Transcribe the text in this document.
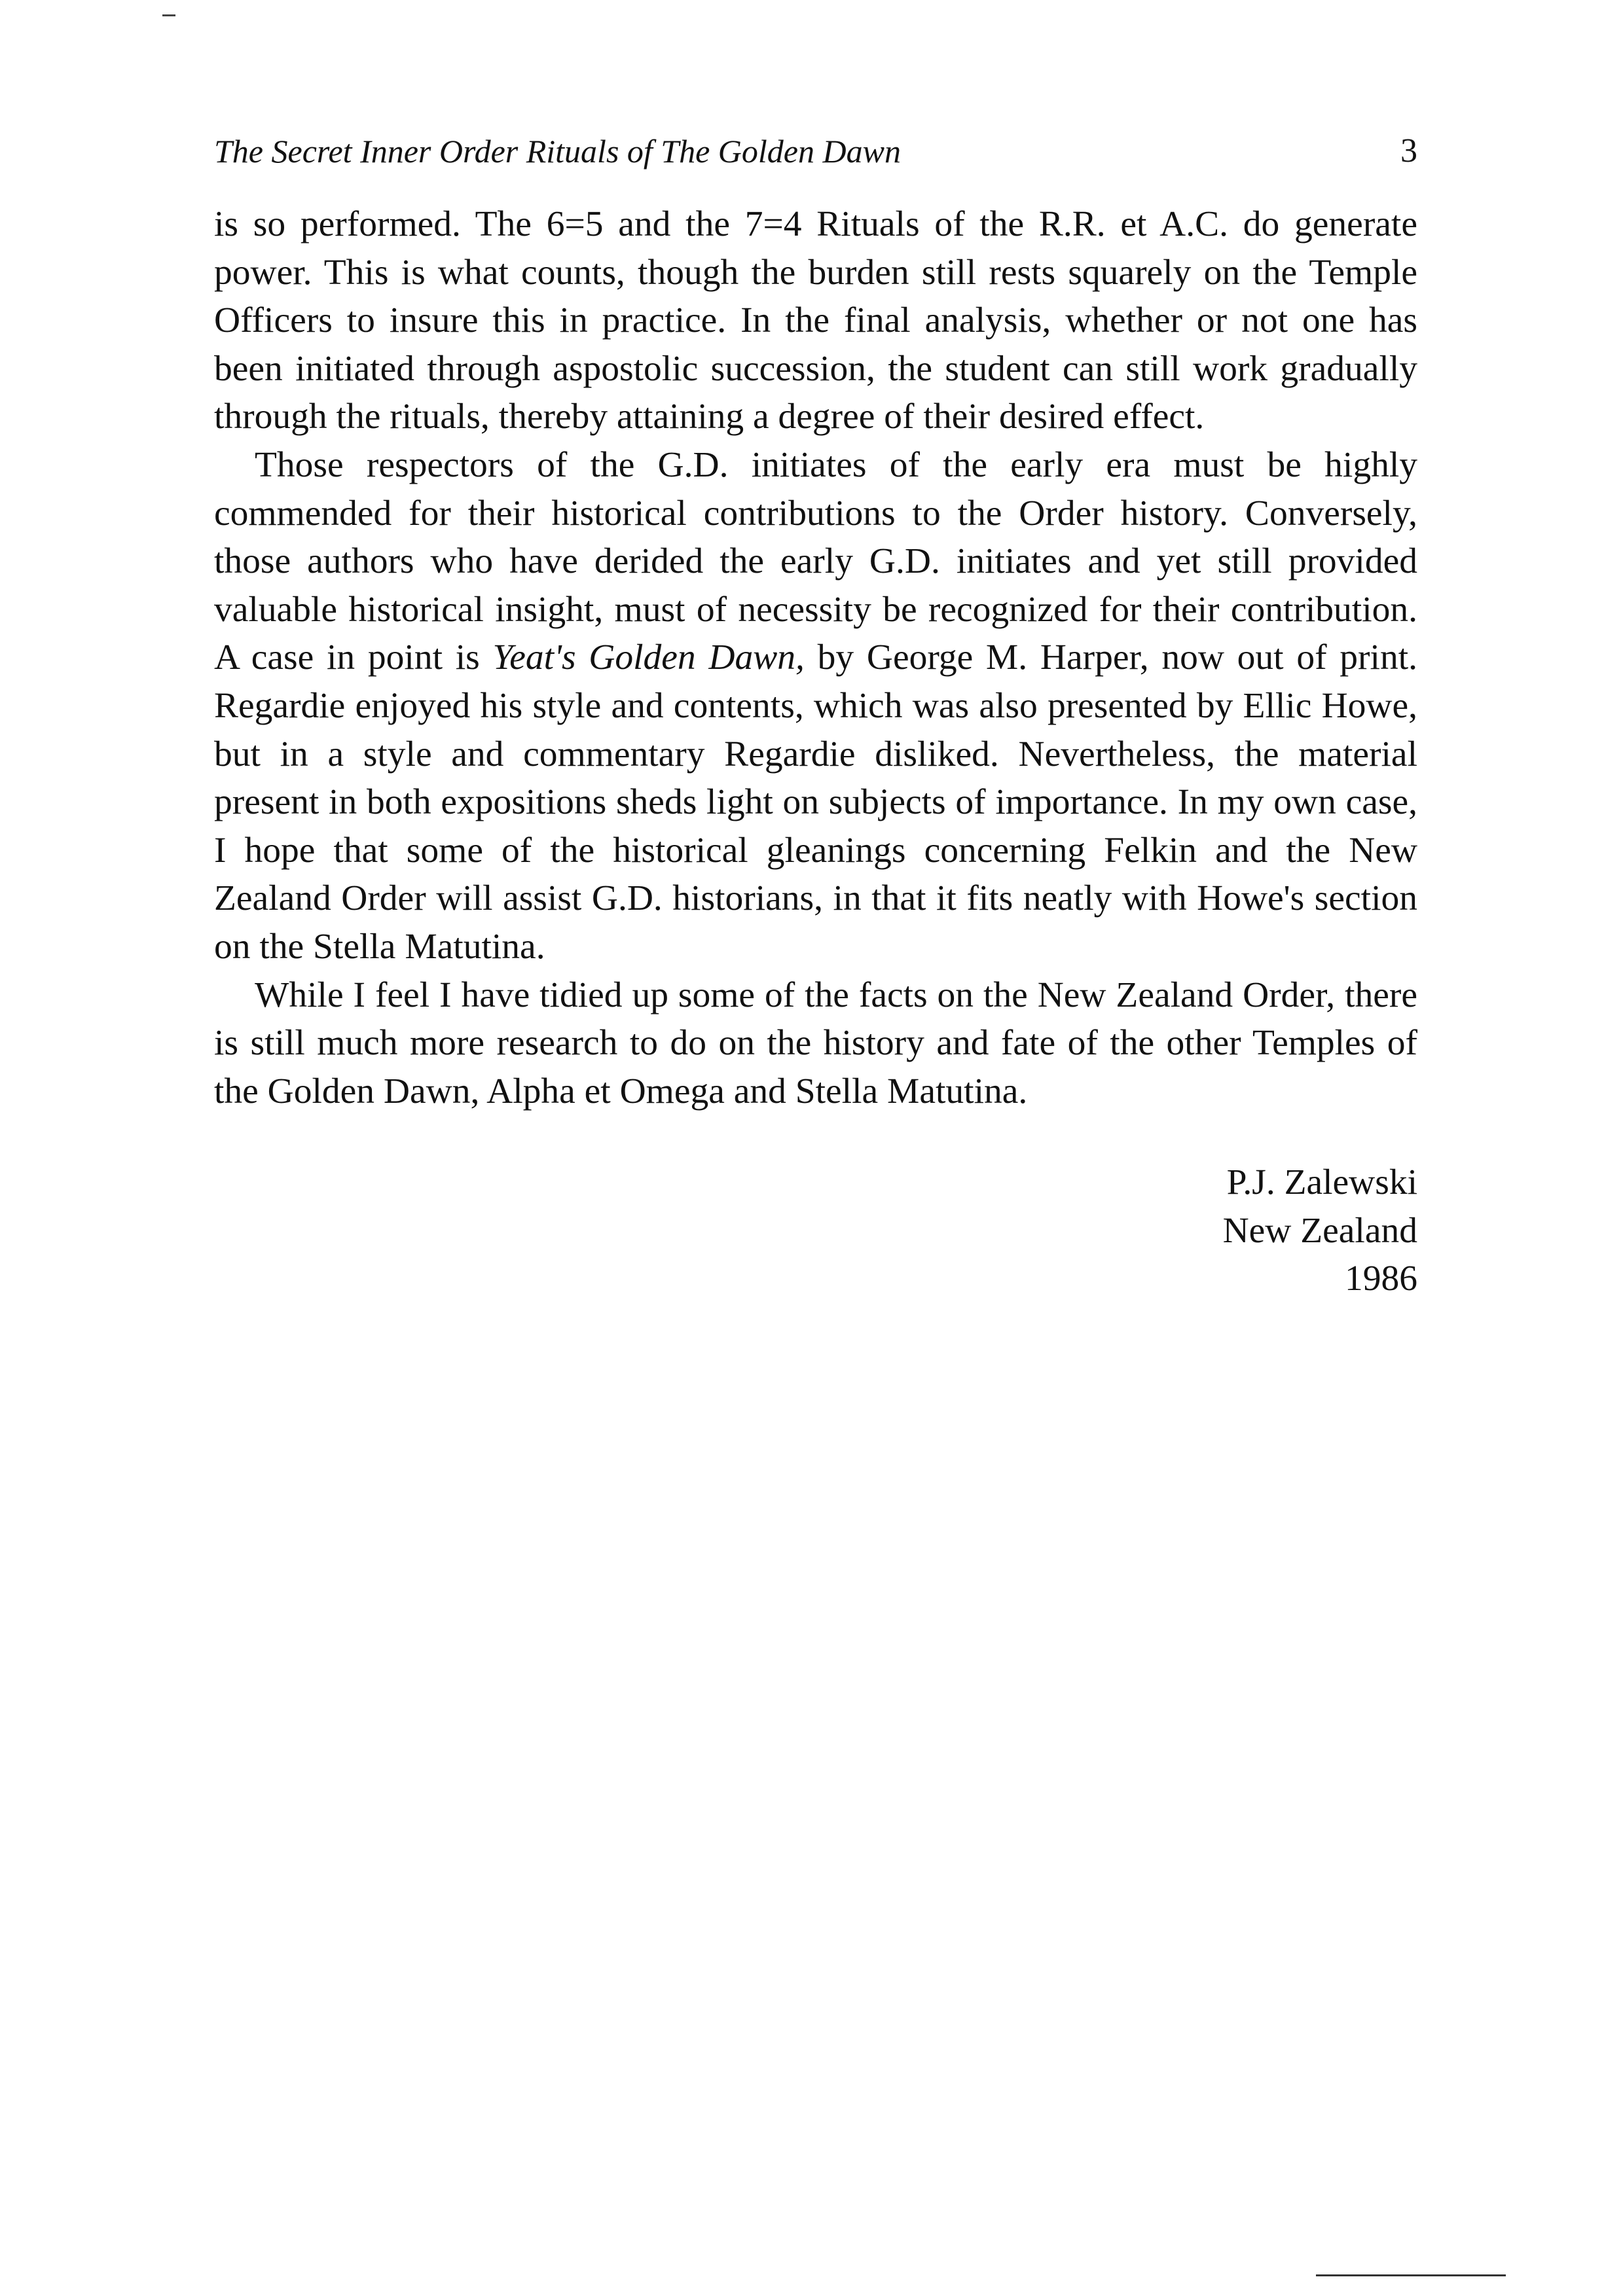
The Secret Inner Order Rituals of The Golden Dawn	3

is so performed. The 6=5 and the 7=4 Rituals of the R.R. et A.C. do generate power. This is what counts, though the burden still rests squarely on the Temple Officers to insure this in practice. In the final analysis, whether or not one has been initiated through aspostolic succession, the student can still work gradually through the rituals, thereby attaining a degree of their desired effect.

Those respectors of the G.D. initiates of the early era must be highly commended for their historical contributions to the Order history. Conversely, those authors who have derided the early G.D. initiates and yet still provided valuable historical insight, must of necessity be recognized for their contribution. A case in point is Yeat's Golden Dawn, by George M. Harper, now out of print. Regardie enjoyed his style and contents, which was also presented by Ellic Howe, but in a style and commentary Regardie disliked. Nevertheless, the material present in both expositions sheds light on subjects of importance. In my own case, I hope that some of the historical gleanings concerning Felkin and the New Zealand Order will assist G.D. historians, in that it fits neatly with Howe's section on the Stella Matutina.

While I feel I have tidied up some of the facts on the New Zealand Order, there is still much more research to do on the history and fate of the other Temples of the Golden Dawn, Alpha et Omega and Stella Matutina.

P.J. Zalewski
New Zealand
1986
